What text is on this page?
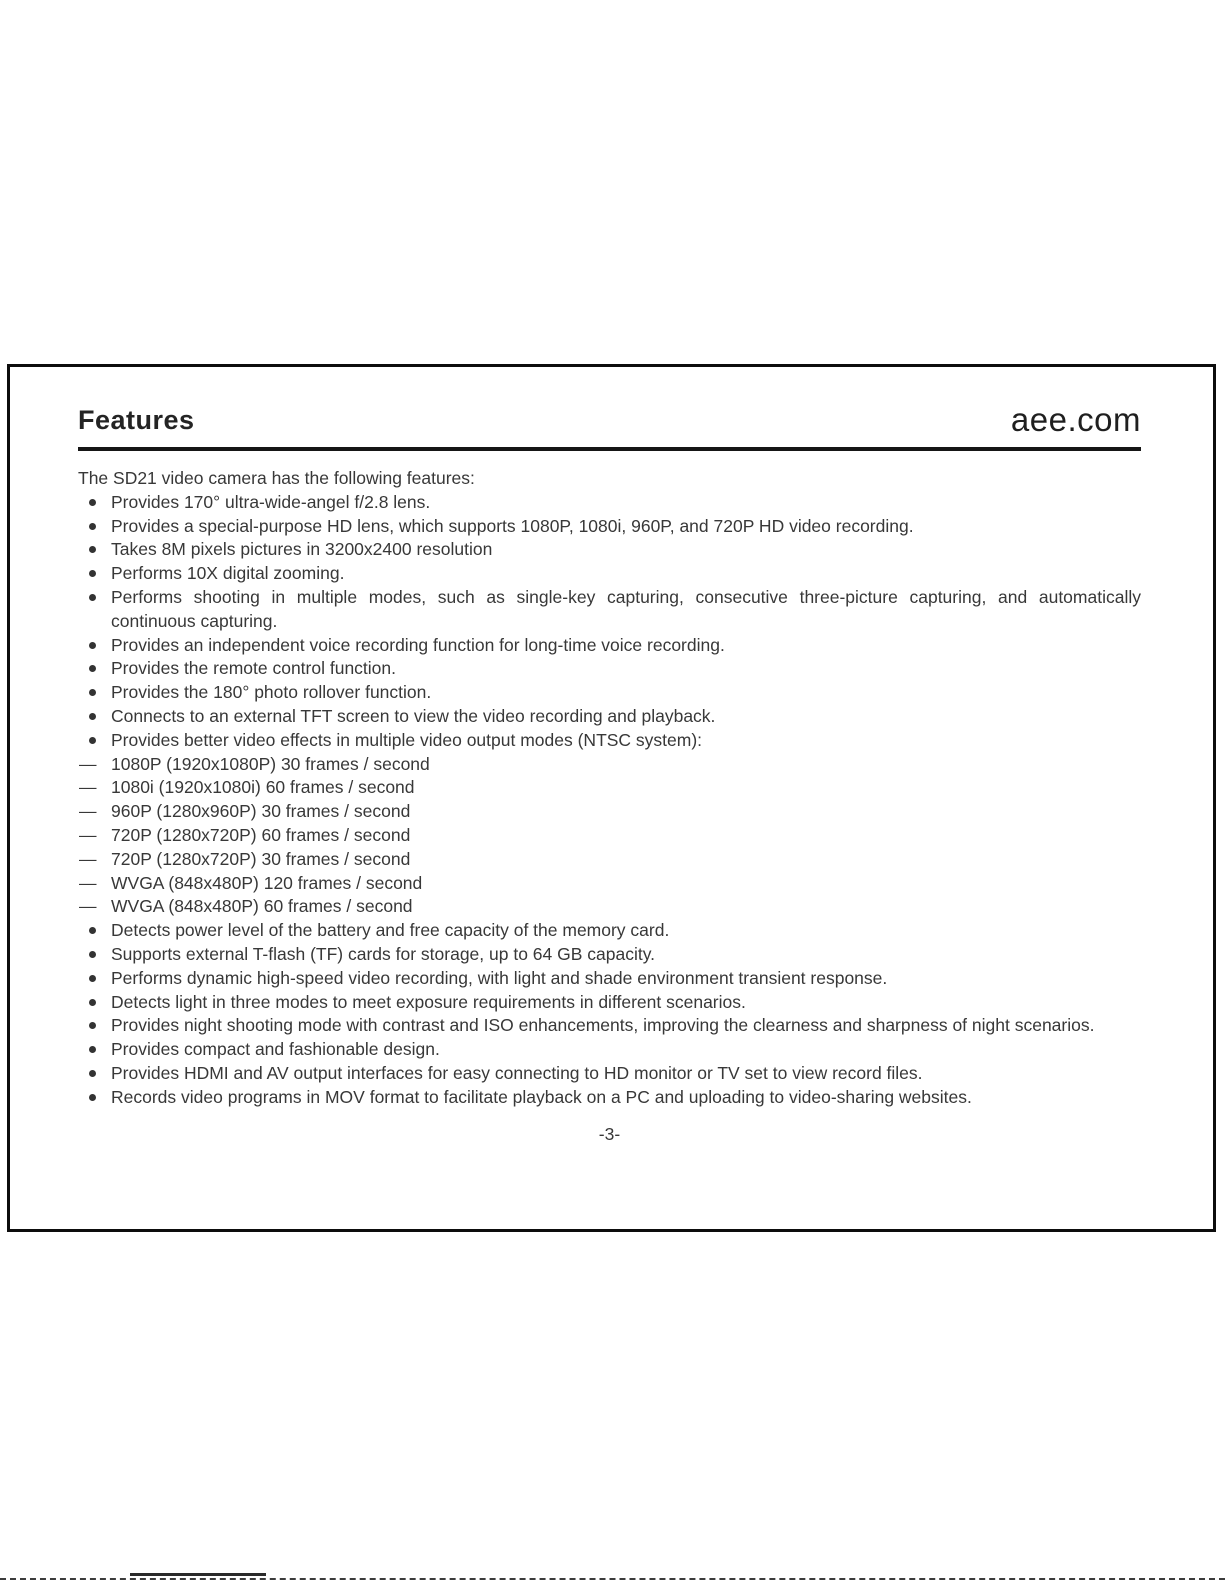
Features	aee.com
The SD21 video camera has the following features:
Provides 170° ultra-wide-angel f/2.8 lens.
Provides a special-purpose HD lens, which supports 1080P, 1080i, 960P, and 720P HD video recording.
Takes 8M pixels pictures in 3200x2400 resolution
Performs 10X digital zooming.
Performs shooting in multiple modes, such as single-key capturing, consecutive three-picture capturing, and automatically continuous capturing.
Provides an independent voice recording function for long-time voice recording.
Provides the remote control function.
Provides the 180° photo rollover function.
Connects to an external TFT screen to view the video recording and playback.
Provides better video effects in multiple video output modes (NTSC system):
— 1080P (1920x1080P) 30 frames / second
— 1080i (1920x1080i) 60 frames / second
— 960P (1280x960P) 30 frames / second
— 720P (1280x720P) 60 frames / second
— 720P (1280x720P) 30 frames / second
— WVGA (848x480P) 120 frames / second
— WVGA (848x480P) 60 frames / second
Detects power level of the battery and free capacity of the memory card.
Supports external T-flash (TF) cards for storage, up to 64 GB capacity.
Performs dynamic high-speed video recording, with light and shade environment transient response.
Detects light in three modes to meet exposure requirements in different scenarios.
Provides night shooting mode with contrast and ISO enhancements, improving the clearness and sharpness of night scenarios.
Provides compact and fashionable design.
Provides HDMI and AV output interfaces for easy connecting to HD monitor or TV set to view record files.
Records video programs in MOV format to facilitate playback on a PC and uploading to video-sharing websites.
-3-
